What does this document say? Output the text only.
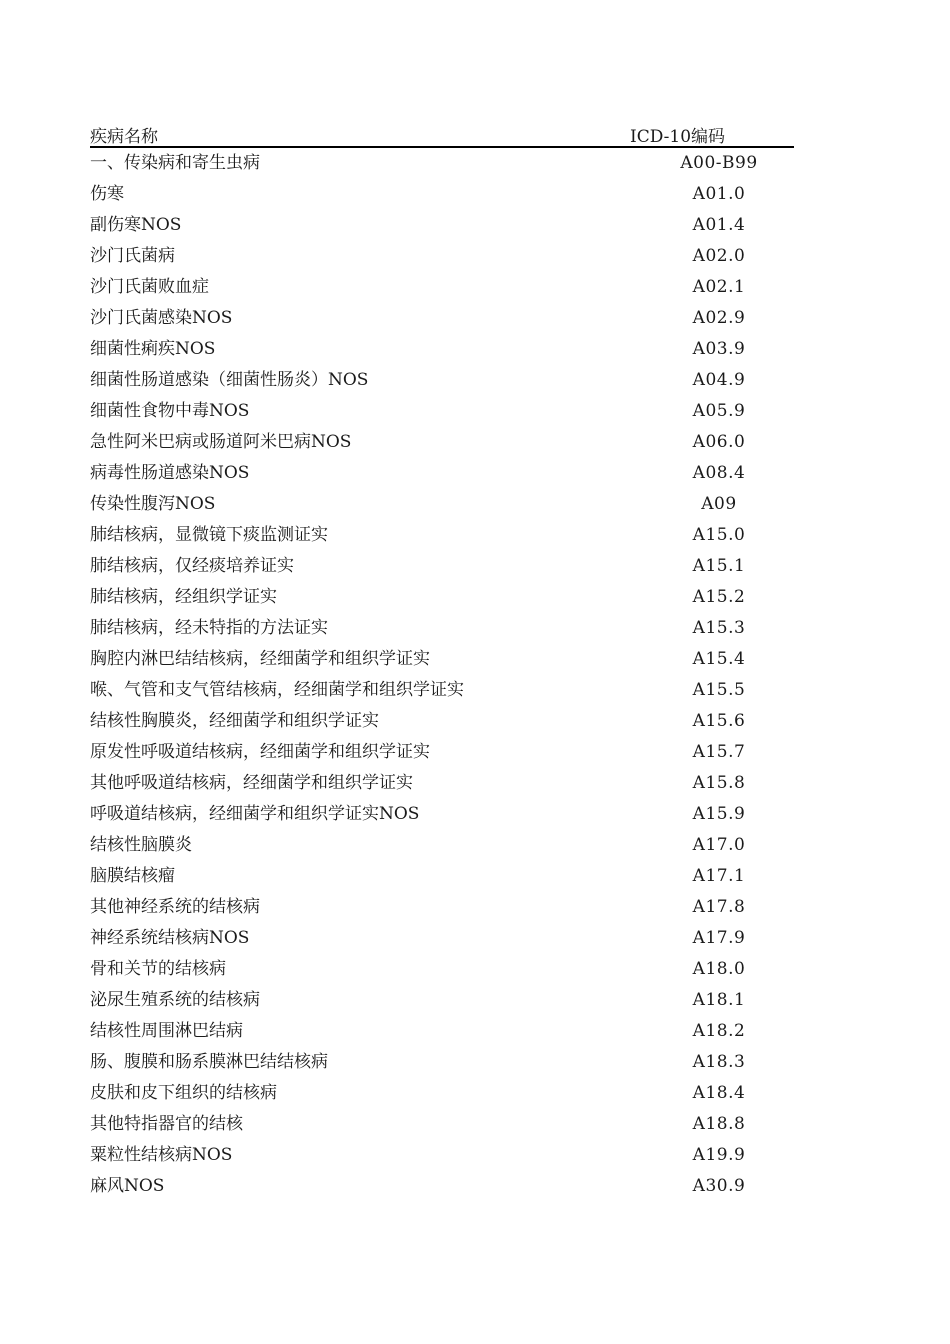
疾病名称	ICD-10编码
一、传染病和寄生虫病	A00-B99
伤寒	A01.0
副伤寒NOS	A01.4
沙门氏菌病	A02.0
沙门氏菌败血症	A02.1
沙门氏菌感染NOS	A02.9
细菌性痢疾NOS	A03.9
细菌性肠道感染（细菌性肠炎）NOS	A04.9
细菌性食物中毒NOS	A05.9
急性阿米巴病或肠道阿米巴病NOS	A06.0
病毒性肠道感染NOS	A08.4
传染性腹泻NOS	A09
肺结核病，显微镜下痰监测证实	A15.0
肺结核病，仅经痰培养证实	A15.1
肺结核病，经组织学证实	A15.2
肺结核病，经未特指的方法证实	A15.3
胸腔内淋巴结结核病，经细菌学和组织学证实	A15.4
喉、气管和支气管结核病，经细菌学和组织学证实	A15.5
结核性胸膜炎，经细菌学和组织学证实	A15.6
原发性呼吸道结核病，经细菌学和组织学证实	A15.7
其他呼吸道结核病，经细菌学和组织学证实	A15.8
呼吸道结核病，经细菌学和组织学证实NOS	A15.9
结核性脑膜炎	A17.0
脑膜结核瘤	A17.1
其他神经系统的结核病	A17.8
神经系统结核病NOS	A17.9
骨和关节的结核病	A18.0
泌尿生殖系统的结核病	A18.1
结核性周围淋巴结病	A18.2
肠、腹膜和肠系膜淋巴结结核病	A18.3
皮肤和皮下组织的结核病	A18.4
其他特指器官的结核	A18.8
粟粒性结核病NOS	A19.9
麻风NOS	A30.9
